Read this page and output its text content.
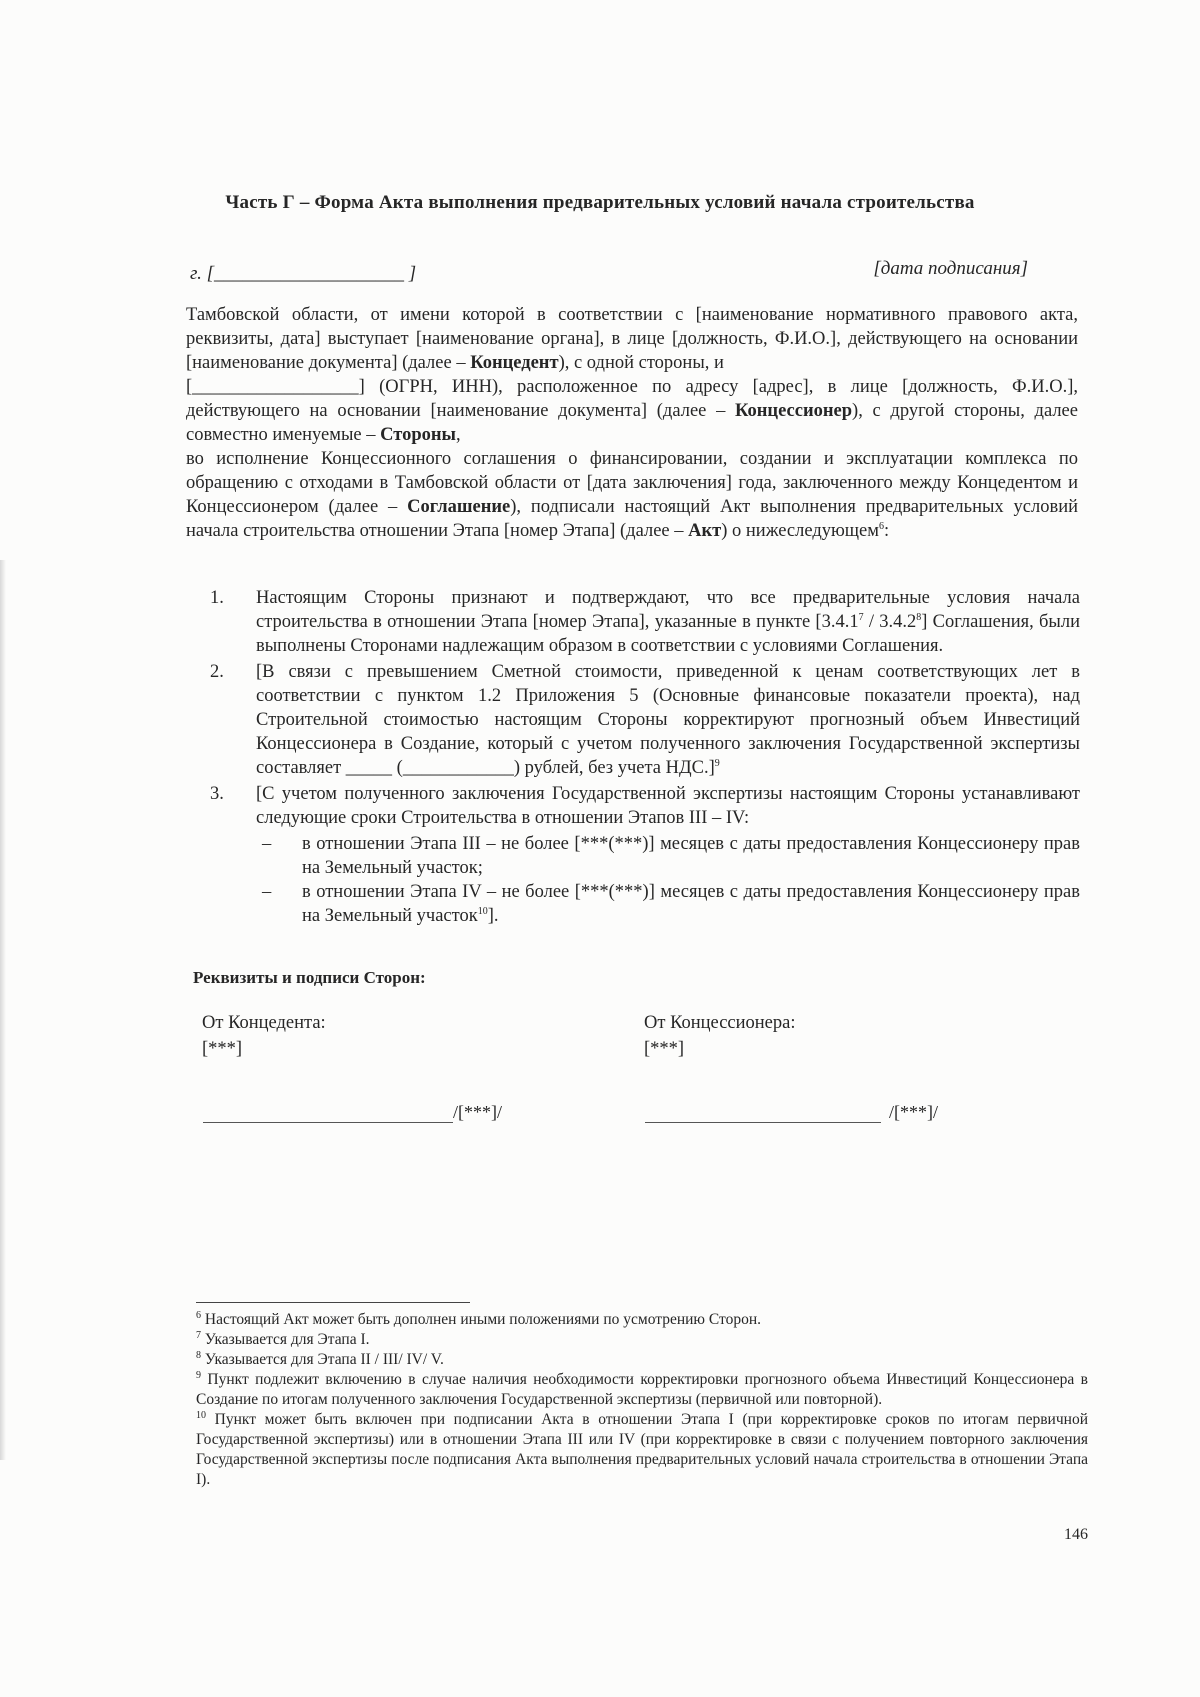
Часть Г – Форма Акта выполнения предварительных условий начала строительства
г. [____________________ ]	[дата подписания]

Тамбовской области, от имени которой в соответствии с [наименование нормативного правового акта, реквизиты, дата] выступает [наименование органа], в лице [должность, Ф.И.О.], действующего на основании [наименование документа] (далее – Концедент), с одной стороны, и

[__________________] (ОГРН, ИНН), расположенное по адресу [адрес], в лице [должность, Ф.И.О.], действующего на основании [наименование документа] (далее – Концессионер), с другой стороны, далее совместно именуемые – Стороны,

во исполнение Концессионного соглашения о финансировании, создании и эксплуатации комплекса по обращению с отходами в Тамбовской области от [дата заключения] года, заключенного между Концедентом и Концессионером (далее – Соглашение), подписали настоящий Акт выполнения предварительных условий начала строительства отношении Этапа [номер Этапа] (далее – Акт) о нижеследующем$^6$:

1.	Настоящим Стороны признают и подтверждают, что все предварительные условия начала строительства в отношении Этапа [номер Этапа], указанные в пункте [3.4.1$^7$ / 3.4.2$^8$] Соглашения, были выполнены Сторонами надлежащим образом в соответствии с условиями Соглашения.
2.	[В связи с превышением Сметной стоимости, приведенной к ценам соответствующих лет в соответствии с пунктом 1.2 Приложения 5 (Основные финансовые показатели проекта), над Строительной стоимостью настоящим Стороны корректируют прогнозный объем Инвестиций Концессионера в Создание, который с учетом полученного заключения Государственной экспертизы составляет _____ (____________) рублей, без учета НДС.]$^9$
3.	[С учетом полученного заключения Государственной экспертизы настоящим Стороны устанавливают следующие сроки Строительства в отношении Этапов III – IV:
–	в отношении Этапа III – не более [***(***)] месяцев с даты предоставления Концессионеру прав на Земельный участок;
–	в отношении Этапа IV – не более [***(***)] месяцев с даты предоставления Концессионеру прав на Земельный участок$^{10}$].
Реквизиты и подписи Сторон:
От Концедента:
[***]
От Концессионера:
[***]
/[***]/	/[***]/

$^6$ Настоящий Акт может быть дополнен иными положениями по усмотрению Сторон.

$^7$ Указывается для Этапа I.

$^8$ Указывается для Этапа II / III/ IV/ V.

$^9$ Пункт подлежит включению в случае наличия необходимости корректировки прогнозного объема Инвестиций Концессионера в Создание по итогам полученного заключения Государственной экспертизы (первичной или повторной).

$^{10}$ Пункт может быть включен при подписании Акта в отношении Этапа I (при корректировке сроков по итогам первичной Государственной экспертизы) или в отношении Этапа III или IV (при корректировке в связи с получением повторного заключения Государственной экспертизы после подписания Акта выполнения предварительных условий начала строительства в отношении Этапа I).

146
